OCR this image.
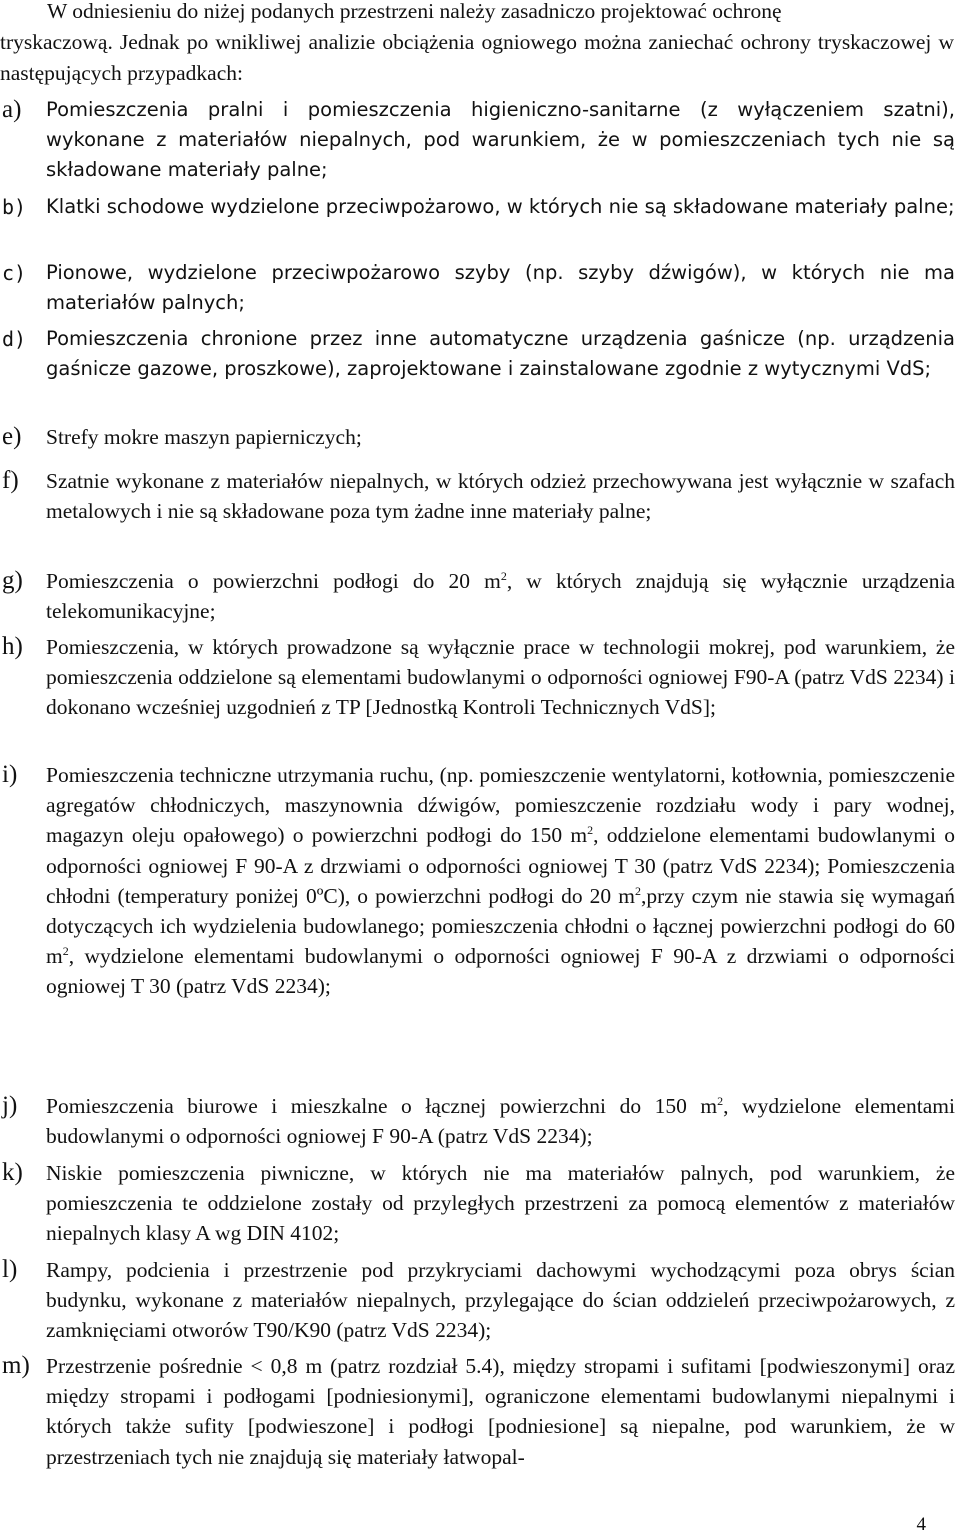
W odniesieniu do niżej podanych przestrzeni należy zasadniczo projektować ochronę
tryskaczową. Jednak po wnikliwej analizie obciążenia ogniowego można zaniechać ochrony tryskaczowej w następujących przypadkach:
a) Pomieszczenia pralni i pomieszczenia higieniczno-sanitarne (z wyłączeniem szatni), wykonane z materiałów niepalnych, pod warunkiem, że w pomieszczeniach tych nie są składowane materiały palne;
b) Klatki schodowe wydzielone przeciwpożarowo, w których nie są składowane materiały palne;
c) Pionowe, wydzielone przeciwpożarowo szyby (np. szyby dźwigów), w których nie ma materiałów palnych;
d) Pomieszczenia chronione przez inne automatyczne urządzenia gaśnicze (np. urządzenia gaśnicze gazowe, proszkowe), zaprojektowane i zainstalowane zgodnie z wytycznymi VdS;
e) Strefy mokre maszyn papierniczych;
f) Szatnie wykonane z materiałów niepalnych, w których odzież przechowywana jest wyłącznie w szafach metalowych i nie są składowane poza tym żadne inne materiały palne;
g) Pomieszczenia o powierzchni podłogi do 20 $m^2$, w których znajdują się wyłącznie urządzenia telekomunikacyjne;
h) Pomieszczenia, w których prowadzone są wyłącznie prace w technologii mokrej, pod warunkiem, że pomieszczenia oddzielone są elementami budowlanymi o odporności ogniowej F90-A (patrz VdS 2234) i dokonano wcześniej uzgodnień z TP [Jednostką Kontroli Technicznych VdS];
i) Pomieszczenia techniczne utrzymania ruchu, (np. pomieszczenie wentylatorni, kotłownia, pomieszczenie agregatów chłodniczych, maszynownia dźwigów, pomieszczenie rozdziału wody i pary wodnej, magazyn oleju opałowego) o powierzchni podłogi do 150 $m^2$, oddzielone elementami budowlanymi o odporności ogniowej F 90-A z drzwiami o odporności ogniowej T 30 (patrz VdS 2234); Pomieszczenia chłodni (temperatury poniżej 0ºC), o powierzchni podłogi do 20 $m^2,przy$ czym nie stawia się wymagań dotyczących ich wydzielenia budowlanego; pomieszczenia chłodni o łącznej powierzchni podłogi do 60 $m^2$, wydzielone elementami budowlanymi o odporności ogniowej F 90-A z drzwiami o odporności ogniowej T 30 (patrz VdS 2234);
j) Pomieszczenia biurowe i mieszkalne o łącznej powierzchni do 150 $m^2$, wydzielone elementami budowlanymi o odporności ogniowej F 90-A (patrz VdS 2234);
k) Niskie pomieszczenia piwniczne, w których nie ma materiałów palnych, pod warunkiem, że pomieszczenia te oddzielone zostały od przyległych przestrzeni za pomocą elementów z materiałów niepalnych klasy A wg DIN 4102;
l) Rampy, podcienia i przestrzenie pod przykryciami dachowymi wychodzącymi poza obrys ścian budynku, wykonane z materiałów niepalnych, przylegające do ścian oddzieleń przeciwpożarowych, z zamknięciami otworów T90/K90 (patrz VdS 2234);
m) Przestrzenie pośrednie < 0,8 m (patrz rozdział 5.4), między stropami i sufitami [podwieszonymi] oraz między stropami i podłogami [podniesionymi], ograniczone elementami budowlanymi niepalnymi i których także sufity [podwieszone] i podłogi [podniesione] są niepalne, pod warunkiem, że w przestrzeniach tych nie znajdują się materiały łatwopal-
4
